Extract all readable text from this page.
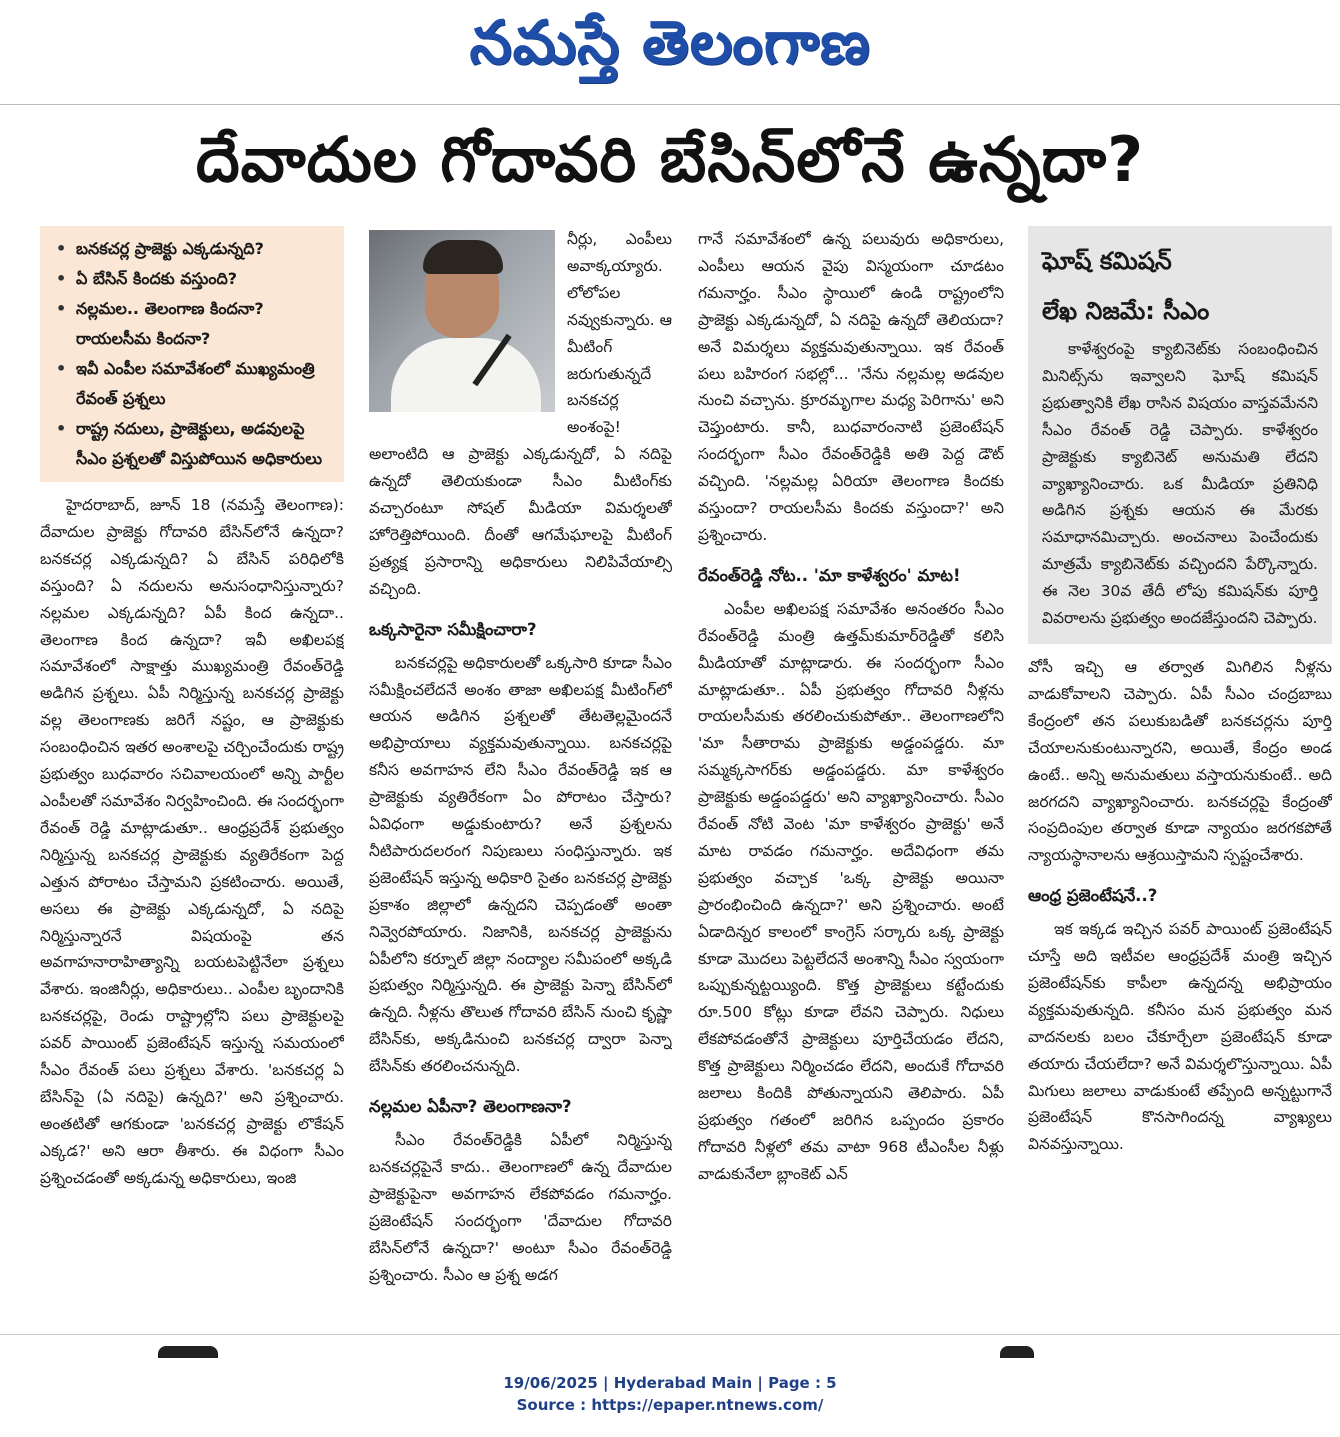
నమస్తే తెలంగాణ
దేవాదుల గోదావరి బేసిన్‌లోనే ఉన్నదా?
• బనకచర్ల ప్రాజెక్టు ఎక్కడున్నది?
• ఏ బేసిన్ కిందకు వస్తుంది?
• నల్లమల.. తెలంగాణ కిందనా? రాయలసీమ కిందనా?
• ఇవీ ఎంపీల సమావేశంలో ముఖ్యమంత్రి రేవంత్ ప్రశ్నలు
• రాష్ట్ర నదులు, ప్రాజెక్టులు, అడవులపై సీఎం ప్రశ్నలతో విస్తుపోయిన అధికారులు

హైదరాబాద్, జూన్ 18 (నమస్తే తెలంగాణ): దేవాదుల ప్రాజెక్టు గోదావరి బేసిన్‌లోనే ఉన్నదా? బనకచర్ల ఎక్కడున్నది? ఏ బేసిన్ పరిధిలోకి వస్తుంది? ఏ నదులను అనుసంధానిస్తున్నారు? నల్లమల ఎక్కడున్నది? ఏపీ కింద ఉన్నదా.. తెలంగాణ కింద ఉన్నదా? ఇవీ అఖిలపక్ష సమావేశంలో సాక్షాత్తు ముఖ్యమంత్రి రేవంత్‌రెడ్డి అడిగిన ప్రశ్నలు. ఏపీ నిర్మిస్తున్న బనకచర్ల ప్రాజెక్టు వల్ల తెలంగాణకు జరిగే నష్టం, ఆ ప్రాజెక్టుకు సంబంధించిన ఇతర అంశాలపై చర్చించేందుకు రాష్ట్ర ప్రభుత్వం బుధవారం సచివాలయంలో అన్ని పార్టీల ఎంపీలతో సమావేశం నిర్వహించింది. ఈ సందర్భంగా రేవంత్ రెడ్డి మాట్లాడుతూ.. ఆంధ్రప్రదేశ్ ప్రభుత్వం నిర్మిస్తున్న బనకచర్ల ప్రాజెక్టుకు వ్యతిరేకంగా పెద్ద ఎత్తున పోరాటం చేస్తామని ప్రకటించారు. అయితే, అసలు ఈ ప్రాజెక్టు ఎక్కడున్నదో, ఏ నదిపై నిర్మిస్తున్నారనే విషయంపై తన అవగాహనారాహిత్యాన్ని బయటపెట్టినేలా ప్రశ్నలు వేశారు. ఇంజినీర్లు, అధికారులు.. ఎంపీల బృందానికి బనకచర్లపై, రెండు రాష్ట్రాల్లోని పలు ప్రాజెక్టులపై పవర్ పాయింట్ ప్రజెంటేషన్ ఇస్తున్న సమయంలో సీఎం రేవంత్ పలు ప్రశ్నలు వేశారు. 'బనకచర్ల ఏ బేసిన్‌పై (ఏ నదిపై) ఉన్నది?' అని ప్రశ్నించారు. అంతటితో ఆగకుండా 'బనకచర్ల ప్రాజెక్టు లొకేషన్ ఎక్కడ?' అని ఆరా తీశారు. ఈ విధంగా సీఎం ప్రశ్నించడంతో అక్కడున్న అధికారులు, ఇంజి

నీర్లు, ఎంపీలు అవాక్కయ్యారు. లోలోపల నవ్వుకున్నారు. ఆ మీటింగ్ జరుగుతున్నదే బనకచర్ల అంశంపై! అలాంటిది ఆ ప్రాజెక్టు ఎక్కడున్నదో, ఏ నదిపై ఉన్నదో తెలియకుండా సీఎం మీటింగ్‌కు వచ్చారంటూ సోషల్ మీడియా విమర్శలతో హోరెత్తిపోయింది. దీంతో ఆగమేఘాలపై మీటింగ్ ప్రత్యక్ష ప్రసారాన్ని అధికారులు నిలిపివేయాల్సి వచ్చింది.

ఒక్కసారైనా సమీక్షించారా?

బనకచర్లపై అధికారులతో ఒక్కసారి కూడా సీఎం సమీక్షించలేదనే అంశం తాజా అఖిలపక్ష మీటింగ్‌లో ఆయన అడిగిన ప్రశ్నలతో తేటతెల్లమైందనే అభిప్రాయాలు వ్యక్తమవుతున్నాయి. బనకచర్లపై కనీస అవగాహన లేని సీఎం రేవంత్‌రెడ్డి ఇక ఆ ప్రాజెక్టుకు వ్యతిరేకంగా ఏం పోరాటం చేస్తారు? ఏవిధంగా అడ్డుకుంటారు? అనే ప్రశ్నలను నీటిపారుదలరంగ నిపుణులు సంధిస్తున్నారు. ఇక ప్రజెంటేషన్ ఇస్తున్న అధికారి సైతం బనకచర్ల ప్రాజెక్టు ప్రకాశం జిల్లాలో ఉన్నదని చెప్పడంతో అంతా నివ్వెరపోయారు. నిజానికి, బనకచర్ల ప్రాజెక్టును ఏపీలోని కర్నూల్ జిల్లా నంద్యాల సమీపంలో అక్కడి ప్రభుత్వం నిర్మిస్తున్నది. ఈ ప్రాజెక్టు పెన్నా బేసిన్‌లో ఉన్నది. నీళ్లను తొలుత గోదావరి బేసిన్ నుంచి కృష్ణా బేసిన్‌కు, అక్కడినుంచి బనకచర్ల ద్వారా పెన్నా బేసిన్‌కు తరలించనున్నది.

నల్లమల ఏపీనా? తెలంగాణనా?

సీఎం రేవంత్‌రెడ్డికి ఏపీలో నిర్మిస్తున్న బనకచర్లపైనే కాదు.. తెలంగాణలో ఉన్న దేవాదుల ప్రాజెక్టుపైనా అవగాహన లేకపోవడం గమనార్హం. ప్రజెంటేషన్ సందర్భంగా 'దేవాదుల గోదావరి బేసిన్‌లోనే ఉన్నదా?' అంటూ సీఎం రేవంత్‌రెడ్డి ప్రశ్నించారు. సీఎం ఆ ప్రశ్న అడగ

గానే సమావేశంలో ఉన్న పలువురు అధికారులు, ఎంపీలు ఆయన వైపు విస్మయంగా చూడటం గమనార్హం. సీఎం స్థాయిలో ఉండి రాష్ట్రంలోని ప్రాజెక్టు ఎక్కడున్నదో, ఏ నదిపై ఉన్నదో తెలియదా? అనే విమర్శలు వ్యక్తమవుతున్నాయి. ఇక రేవంత్ పలు బహిరంగ సభల్లో... 'నేను నల్లమల్ల అడవుల నుంచి వచ్చాను. క్రూరమృగాల మధ్య పెరిగాను' అని చెప్తుంటారు. కానీ, బుధవారంనాటి ప్రజెంటేషన్ సందర్భంగా సీఎం రేవంత్‌రెడ్డికి అతి పెద్ద డౌట్ వచ్చింది. 'నల్లమల్ల ఏరియా తెలంగాణ కిందకు వస్తుందా? రాయలసీమ కిందకు వస్తుందా?' అని ప్రశ్నించారు.

రేవంత్‌రెడ్డి నోట.. 'మా కాళేశ్వరం' మాట!

ఎంపీల అఖిలపక్ష సమావేశం అనంతరం సీఎం రేవంత్‌రెడ్డి మంత్రి ఉత్తమ్‌కుమార్‌రెడ్డితో కలిసి మీడియాతో మాట్లాడారు. ఈ సందర్భంగా సీఎం మాట్లాడుతూ.. ఏపీ ప్రభుత్వం గోదావరి నీళ్లను రాయలసీమకు తరలించుకుపోతూ.. తెలంగాణలోని 'మా సీతారామ ప్రాజెక్టుకు అడ్డంపడ్డరు. మా సమ్మక్కసాగర్‌కు అడ్డంపడ్డరు. మా కాళేశ్వరం ప్రాజెక్టుకు అడ్డంపడ్డరు' అని వ్యాఖ్యానించారు. సీఎం రేవంత్ నోటి వెంట 'మా కాళేశ్వరం ప్రాజెక్టు' అనే మాట రావడం గమనార్హం. అదేవిధంగా తమ ప్రభుత్వం వచ్చాక 'ఒక్క ప్రాజెక్టు అయినా ప్రారంభించింది ఉన్నదా?' అని ప్రశ్నించారు. అంటే ఏడాదిన్నర కాలంలో కాంగ్రెస్ సర్కారు ఒక్క ప్రాజెక్టు కూడా మొదలు పెట్టలేదనే అంశాన్ని సీఎం స్వయంగా ఒప్పుకున్నట్టయ్యింది. కొత్త ప్రాజెక్టులు కట్టేందుకు రూ.500 కోట్లు కూడా లేవని చెప్పారు. నిధులు లేకపోవడంతోనే ప్రాజెక్టులు పూర్తిచేయడం లేదని, కొత్త ప్రాజెక్టులు నిర్మించడం లేదని, అందుకే గోదావరి జలాలు కిందికి పోతున్నాయని తెలిపారు. ఏపీ ప్రభుత్వం గతంలో జరిగిన ఒప్పందం ప్రకారం గోదావరి నీళ్లలో తమ వాటా 968 టీఎంసీల నీళ్లు వాడుకునేలా బ్లాంకెట్ ఎన్

ఘోష్ కమిషన్
లేఖ నిజమే: సీఎం

కాళేశ్వరంపై క్యాబినెట్‌కు సంబంధించిన మినిట్స్‌ను ఇవ్వాలని ఘోష్ కమిషన్ ప్రభుత్వానికి లేఖ రాసిన విషయం వాస్తవమేనని సీఎం రేవంత్ రెడ్డి చెప్పారు. కాళేశ్వరం ప్రాజెక్టుకు క్యాబినెట్ అనుమతి లేదని వ్యాఖ్యానించారు. ఒక మీడియా ప్రతినిధి అడిగిన ప్రశ్నకు ఆయన ఈ మేరకు సమాధానమిచ్చారు. అంచనాలు పెంచేందుకు మాత్రమే క్యాబినెట్‌కు వచ్చిందని పేర్కొన్నారు. ఈ నెల 30వ తేదీ లోపు కమిషన్‌కు పూర్తి వివరాలను ప్రభుత్వం అందజేస్తుందని చెప్పారు.

వోసీ ఇచ్చి ఆ తర్వాత మిగిలిన నీళ్లను వాడుకోవాలని చెప్పారు. ఏపీ సీఎం చంద్రబాబు కేంద్రంలో తన పలుకుబడితో బనకచర్లను పూర్తి చేయాలనుకుంటున్నారని, అయితే, కేంద్రం అండ ఉంటే.. అన్ని అనుమతులు వస్తాయనుకుంటే.. అది జరగదని వ్యాఖ్యానించారు. బనకచర్లపై కేంద్రంతో సంప్రదింపుల తర్వాత కూడా న్యాయం జరగకపోతే న్యాయస్థానాలను ఆశ్రయిస్తామని స్పష్టంచేశారు.

ఆంధ్ర ప్రజెంటేషనే..?

ఇక ఇక్కడ ఇచ్చిన పవర్ పాయింట్ ప్రజెంటేషన్ చూస్తే అది ఇటీవల ఆంధ్రప్రదేశ్ మంత్రి ఇచ్చిన ప్రజెంటేషన్‌కు కాపీలా ఉన్నదన్న అభిప్రాయం వ్యక్తమవుతున్నది. కనీసం మన ప్రభుత్వం మన వాదనలకు బలం చేకూర్చేలా ప్రజెంటేషన్ కూడా తయారు చేయలేదా? అనే విమర్శలొస్తున్నాయి. ఏపీ మిగులు జలాలు వాడుకుంటే తప్పేంది అన్నట్టుగానే ప్రజెంటేషన్ కొనసాగిందన్న వ్యాఖ్యలు వినవస్తున్నాయి.

19/06/2025 | Hyderabad Main | Page : 5
Source : https://epaper.ntnews.com/
